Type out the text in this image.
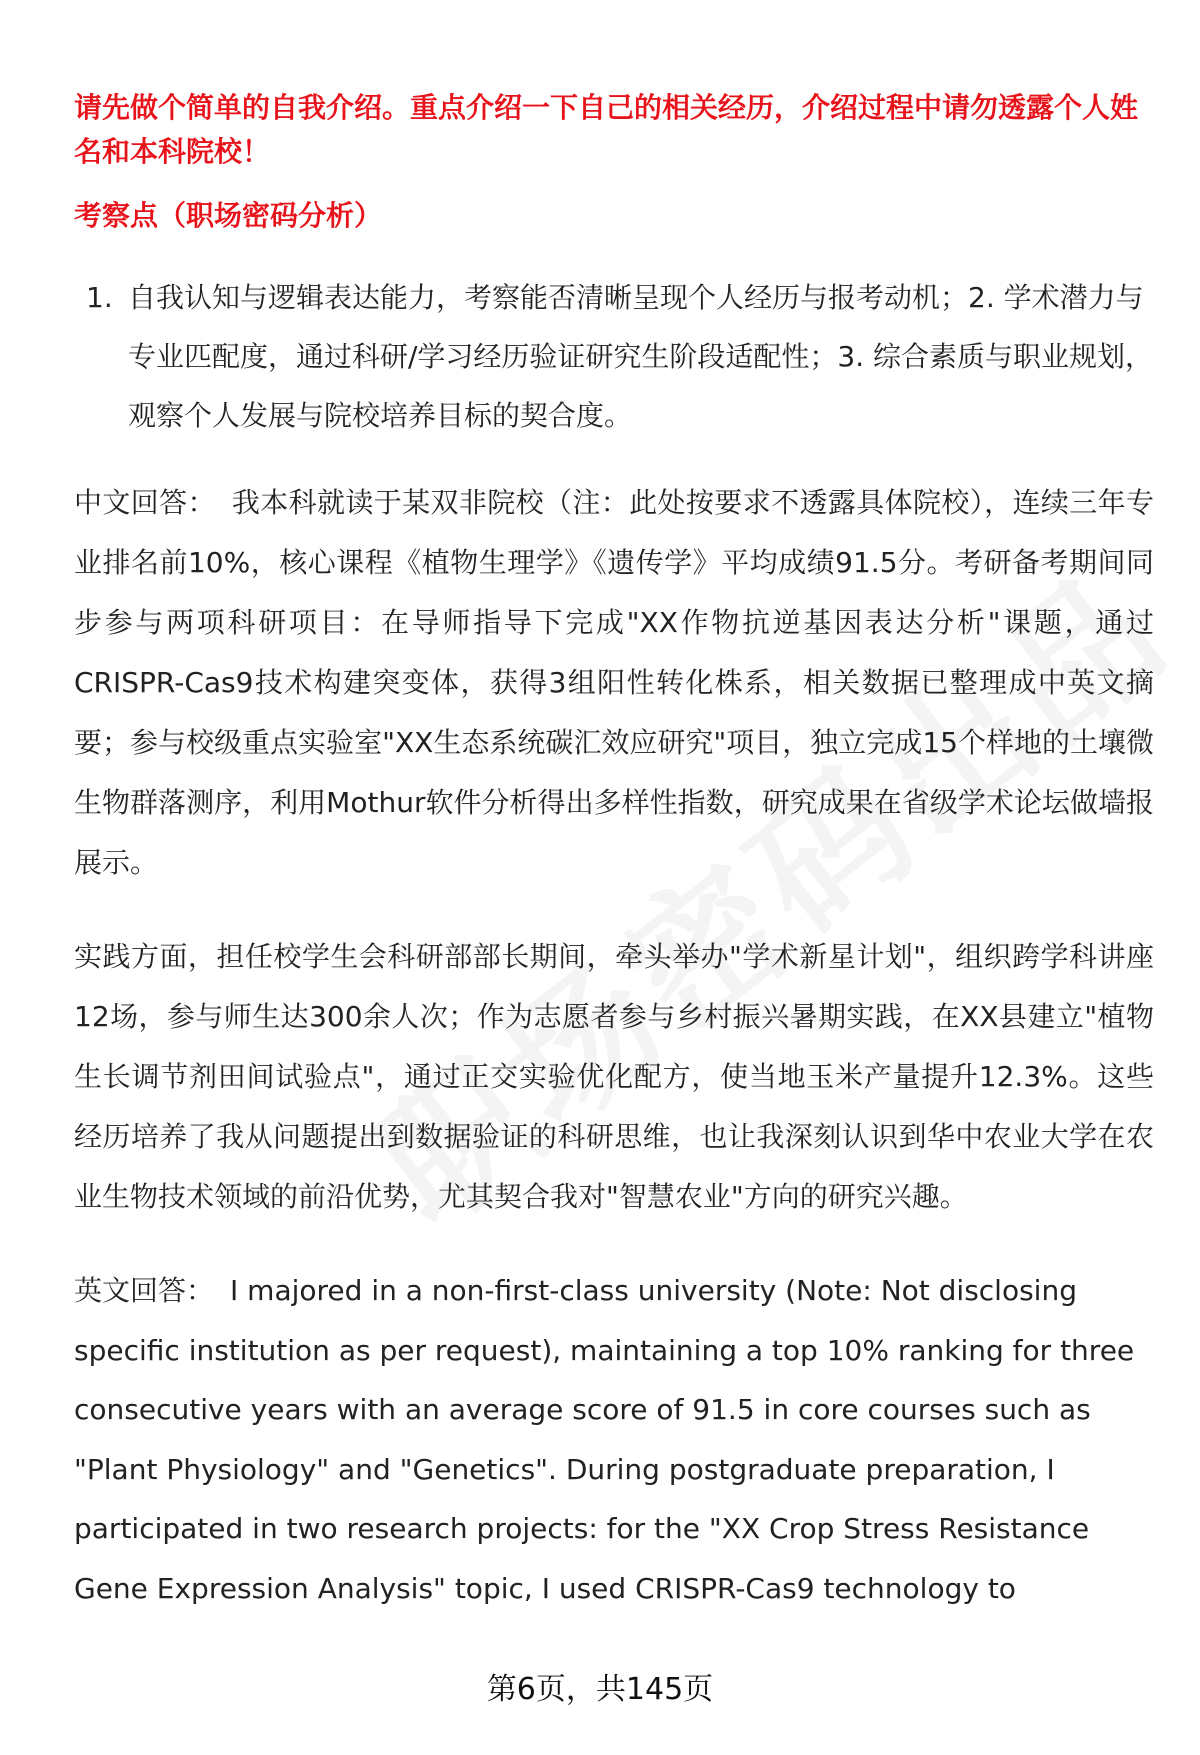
请先做个简单的自我介绍。重点介绍一下自己的相关经历，介绍过程中请勿透露个人姓名和本科院校！
考察点（职场密码分析）
1. 自我认知与逻辑表达能力，考察能否清晰呈现个人经历与报考动机；2. 学术潜力与专业匹配度，通过科研/学习经历验证研究生阶段适配性；3. 综合素质与职业规划，观察个人发展与院校培养目标的契合度。
中文回答： 我本科就读于某双非院校（注：此处按要求不透露具体院校），连续三年专业排名前10%，核心课程《植物生理学》《遗传学》平均成绩91.5分。考研备考期间同步参与两项科研项目：在导师指导下完成"XX作物抗逆基因表达分析"课题，通过CRISPR-Cas9技术构建突变体，获得3组阳性转化株系，相关数据已整理成中英文摘要；参与校级重点实验室"XX生态系统碳汇效应研究"项目，独立完成15个样地的土壤微生物群落测序，利用Mothur软件分析得出多样性指数，研究成果在省级学术论坛做墙报展示。
实践方面，担任校学生会科研部部长期间，牵头举办"学术新星计划"，组织跨学科讲座12场，参与师生达300余人次；作为志愿者参与乡村振兴暑期实践，在XX县建立"植物生长调节剂田间试验点"，通过正交实验优化配方，使当地玉米产量提升12.3%。这些经历培养了我从问题提出到数据验证的科研思维，也让我深刻认识到华中农业大学在农业生物技术领域的前沿优势，尤其契合我对"智慧农业"方向的研究兴趣。
英文回答： I majored in a non-first-class university (Note: Not disclosing specific institution as per request), maintaining a top 10% ranking for three consecutive years with an average score of 91.5 in core courses such as "Plant Physiology" and "Genetics". During postgraduate preparation, I participated in two research projects: for the "XX Crop Stress Resistance Gene Expression Analysis" topic, I used CRISPR-Cas9 technology to
第6页，共145页
